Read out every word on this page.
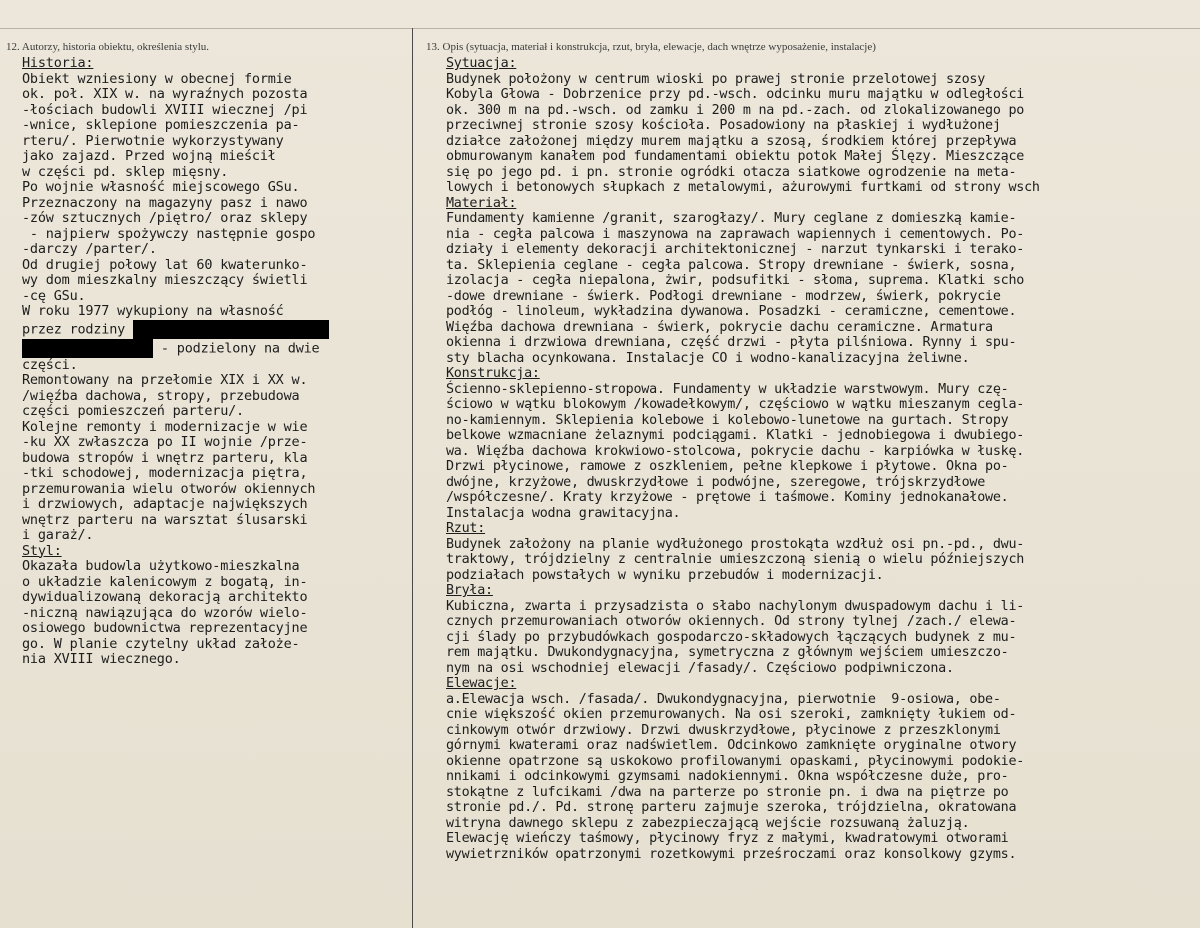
12. Autorzy, historia obiektu, określenia stylu.
Historia:
Obiekt wzniesiony w obecnej formie
ok. poł. XIX w. na wyraźnych pozosta
-łościach budowli XVIII wiecznej /pi
-wnice, sklepione pomieszczenia pa-
rteru/. Pierwotnie wykorzystywany
jako zajazd. Przed wojną mieścił
w części pd. sklep mięsny.
Po wojnie własność miejscowego GSu.
Przeznaczony na magazyny pasz i nawo
-zów sztucznych /piętro/ oraz sklepy
- najpierw spożywczy następnie gospo
-darczy /parter/.
Od drugiej połowy lat 60 kwaterunko-
wy dom mieszkalny mieszczący świetli
-cę GSu.
W roku 1977 wykupiony na własność
przez rodziny
- podzielony na dwie
części.
Remontowany na przełomie XIX i XX w.
/więźba dachowa, stropy, przebudowa
części pomieszczeń parteru/.
Kolejne remonty i modernizacje w wie
-ku XX zwłaszcza po II wojnie /prze-
budowa stropów i wnętrz parteru, kla
-tki schodowej, modernizacja piętra,
przemurowania wielu otworów okiennych
i drzwiowych, adaptacje największych
wnętrz parteru na warsztat ślusarski
i garaż/.
Styl:
Okazała budowla użytkowo-mieszkalna
o układzie kalenicowym z bogatą, in-
dywidualizowaną dekoracją architekto
-niczną nawiązująca do wzorów wielo-
osiowego budownictwa reprezentacyjne
go. W planie czytelny układ założe-
nia XVIII wiecznego.
13. Opis (sytuacja, materiał i konstrukcja, rzut, bryła, elewacje, dach wnętrze wyposażenie, instalacje)
Sytuacja:
Budynek położony w centrum wioski po prawej stronie przelotowej szosy
Kobyla Głowa - Dobrzenice przy pd.-wsch. odcinku muru majątku w odległości
ok. 300 m na pd.-wsch. od zamku i 200 m na pd.-zach. od zlokalizowanego po
przeciwnej stronie szosy kościoła. Posadowiony na płaskiej i wydłużonej
działce założonej między murem majątku a szosą, środkiem której przepływa
obmurowanym kanałem pod fundamentami obiektu potok Małej Ślęzy. Mieszczące
się po jego pd. i pn. stronie ogródki otacza siatkowe ogrodzenie na meta-
lowych i betonowych słupkach z metalowymi, ażurowymi furtkami od strony wsch
Materiał:
Fundamenty kamienne /granit, szarogłazy/. Mury ceglane z domieszką kamie-
nia - cegła palcowa i maszynowa na zaprawach wapiennych i cementowych. Po-
działy i elementy dekoracji architektonicznej - narzut tynkarski i terako-
ta. Sklepienia ceglane - cegła palcowa. Stropy drewniane - świerk, sosna,
izolacja - cegła niepalona, żwir, podsufitki - słoma, suprema. Klatki scho
-dowe drewniane - świerk. Podłogi drewniane - modrzew, świerk, pokrycie
podłóg - linoleum, wykładzina dywanowa. Posadzki - ceramiczne, cementowe.
Więźba dachowa drewniana - świerk, pokrycie dachu ceramiczne. Armatura
okienna i drzwiowa drewniana, część drzwi - płyta pilśniowa. Rynny i spu-
sty blacha ocynkowana. Instalacje CO i wodno-kanalizacyjna żeliwne.
Konstrukcja:
Ścienno-sklepienno-stropowa. Fundamenty w układzie warstwowym. Mury czę-
ściowo w wątku blokowym /kowadełkowym/, częściowo w wątku mieszanym cegla-
no-kamiennym. Sklepienia kolebowe i kolebowo-lunetowe na gurtach. Stropy
belkowe wzmacniane żelaznymi podciągami. Klatki - jednobiegowa i dwubiego-
wa. Więźba dachowa krokwiowo-stolcowa, pokrycie dachu - karpiówka w łuskę.
Drzwi płycinowe, ramowe z oszkleniem, pełne klepkowe i płytowe. Okna po-
dwójne, krzyżowe, dwuskrzydłowe i podwójne, szeregowe, trójskrzydłowe
/współczesne/. Kraty krzyżowe - prętowe i taśmowe. Kominy jednokanałowe.
Instalacja wodna grawitacyjna.
Rzut:
Budynek założony na planie wydłużonego prostokąta wzdłuż osi pn.-pd., dwu-
traktowy, trójdzielny z centralnie umieszczoną sienią o wielu późniejszych
podziałach powstałych w wyniku przebudów i modernizacji.
Bryła:
Kubiczna, zwarta i przysadzista o słabo nachylonym dwuspadowym dachu i li-
cznych przemurowaniach otworów okiennych. Od strony tylnej /zach./ elewa-
cji ślady po przybudówkach gospodarczo-składowych łączących budynek z mu-
rem majątku. Dwukondygnacyjna, symetryczna z głównym wejściem umieszczo-
nym na osi wschodniej elewacji /fasady/. Częściowo podpiwniczona.
Elewacje:
a.Elewacja wsch. /fasada/. Dwukondygnacyjna, pierwotnie  9-osiowa, obe-
cnie większość okien przemurowanych. Na osi szeroki, zamknięty łukiem od-
cinkowym otwór drzwiowy. Drzwi dwuskrzydłowe, płycinowe z przeszklonymi
górnymi kwaterami oraz nadświetlem. Odcinkowo zamknięte oryginalne otwory
okienne opatrzone są uskokowo profilowanymi opaskami, płycinowymi podokie-
nnikami i odcinkowymi gzymsami nadokiennymi. Okna współczesne duże, pro-
stokątne z lufcikami /dwa na parterze po stronie pn. i dwa na piętrze po
stronie pd./. Pd. stronę parteru zajmuje szeroka, trójdzielna, okratowana
witryna dawnego sklepu z zabezpieczającą wejście rozsuwaną żaluzją.
Elewację wieńczy taśmowy, płycinowy fryz z małymi, kwadratowymi otworami
wywietrzników opatrzonymi rozetkowymi prześroczami oraz konsolkowy gzyms.
